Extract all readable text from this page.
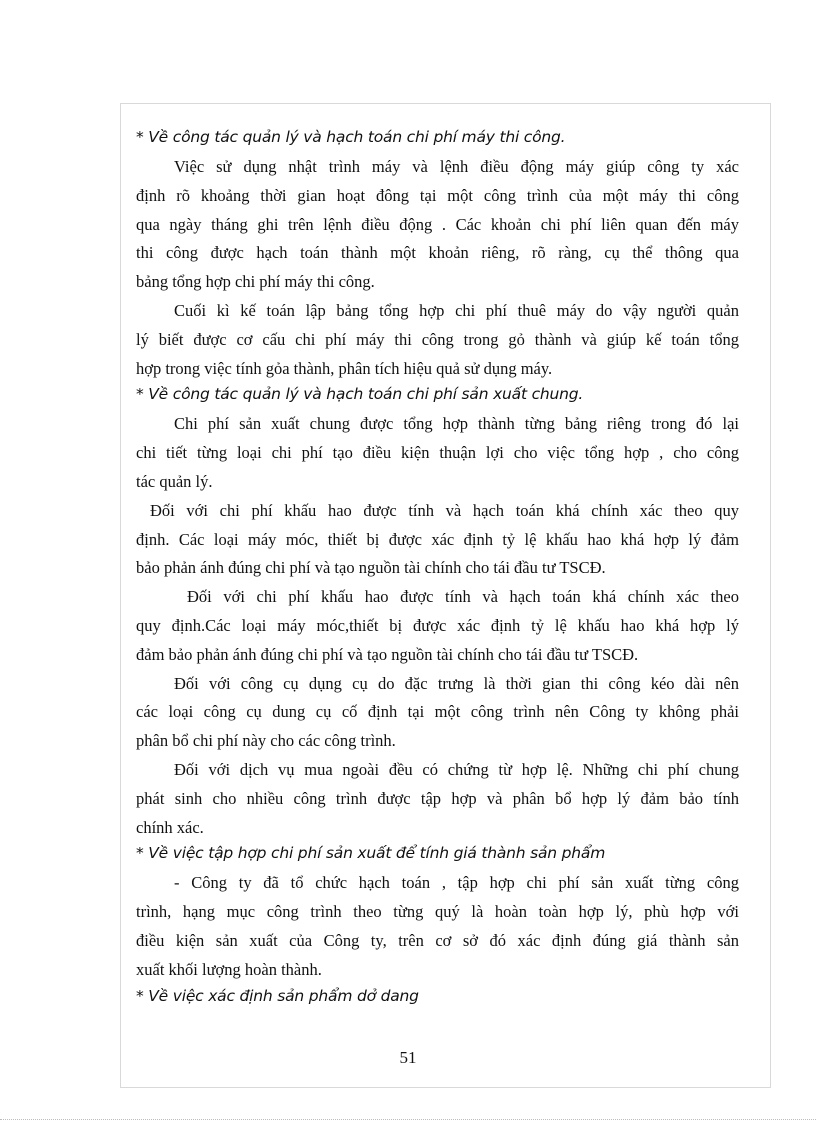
* Về công tác quản lý và hạch toán chi phí máy thi công.
Việc sử dụng nhật trình máy và lệnh điều động máy giúp công ty xác
định rõ khoảng thời gian hoạt đông tại một công trình của một máy thi công
qua ngày tháng ghi trên lệnh điều động . Các khoản chi phí liên quan đến máy
thi công được hạch toán thành một khoản riêng, rõ ràng, cụ thể thông qua
bảng tổng hợp chi phí máy thi công.
Cuối kì kế toán lập bảng tổng hợp chi phí thuê máy do vậy người quản
lý biết được cơ cấu chi phí máy thi công trong gỏ thành và giúp kế toán tổng
hợp trong việc tính gỏa thành, phân tích hiệu quả sử dụng máy.
* Về công tác quản lý và hạch toán chi phí sản xuất chung.
Chi phí sản xuất chung được tổng hợp thành từng bảng riêng trong đó lại
chi tiết từng loại chi phí tạo điều kiện thuận lợi cho việc tổng hợp , cho công
tác quản lý.
Đối với chi phí khấu hao được tính và hạch toán khá chính xác theo quy
định. Các loại máy móc, thiết bị được xác định tỷ lệ khấu hao khá hợp lý đảm
bảo phản ánh đúng chi phí và tạo nguồn tài chính cho tái đầu tư TSCĐ.
Đối với chi phí khấu hao được tính và hạch toán khá chính xác theo
quy định.Các loại máy móc,thiết bị được xác định tỷ lệ khấu hao khá hợp lý
đảm bảo phản ánh đúng chi phí và tạo nguồn tài chính cho tái đầu tư TSCĐ.
Đối với công cụ dụng cụ do đặc trưng là thời gian thi công kéo dài nên
các loại công cụ dung cụ cố định tại một công trình nên Công ty không phải
phân bổ chi phí này cho các công trình.
Đối với dịch vụ mua ngoài đều có chứng từ hợp lệ. Những chi phí chung
phát sinh cho nhiều công trình được tập hợp và phân bổ hợp lý đảm bảo tính
chính xác.
* Về việc tập hợp chi phí sản xuất để tính giá thành sản phẩm
- Công ty đã tổ chức hạch toán , tập hợp chi phí sản xuất từng công
trình, hạng mục công trình theo từng quý là hoàn toàn hợp lý, phù hợp với
điều kiện sản xuất của Công ty, trên cơ sở đó xác định đúng giá thành sản
xuất khối lượng hoàn thành.
* Về việc xác định sản phẩm dở dang
51
